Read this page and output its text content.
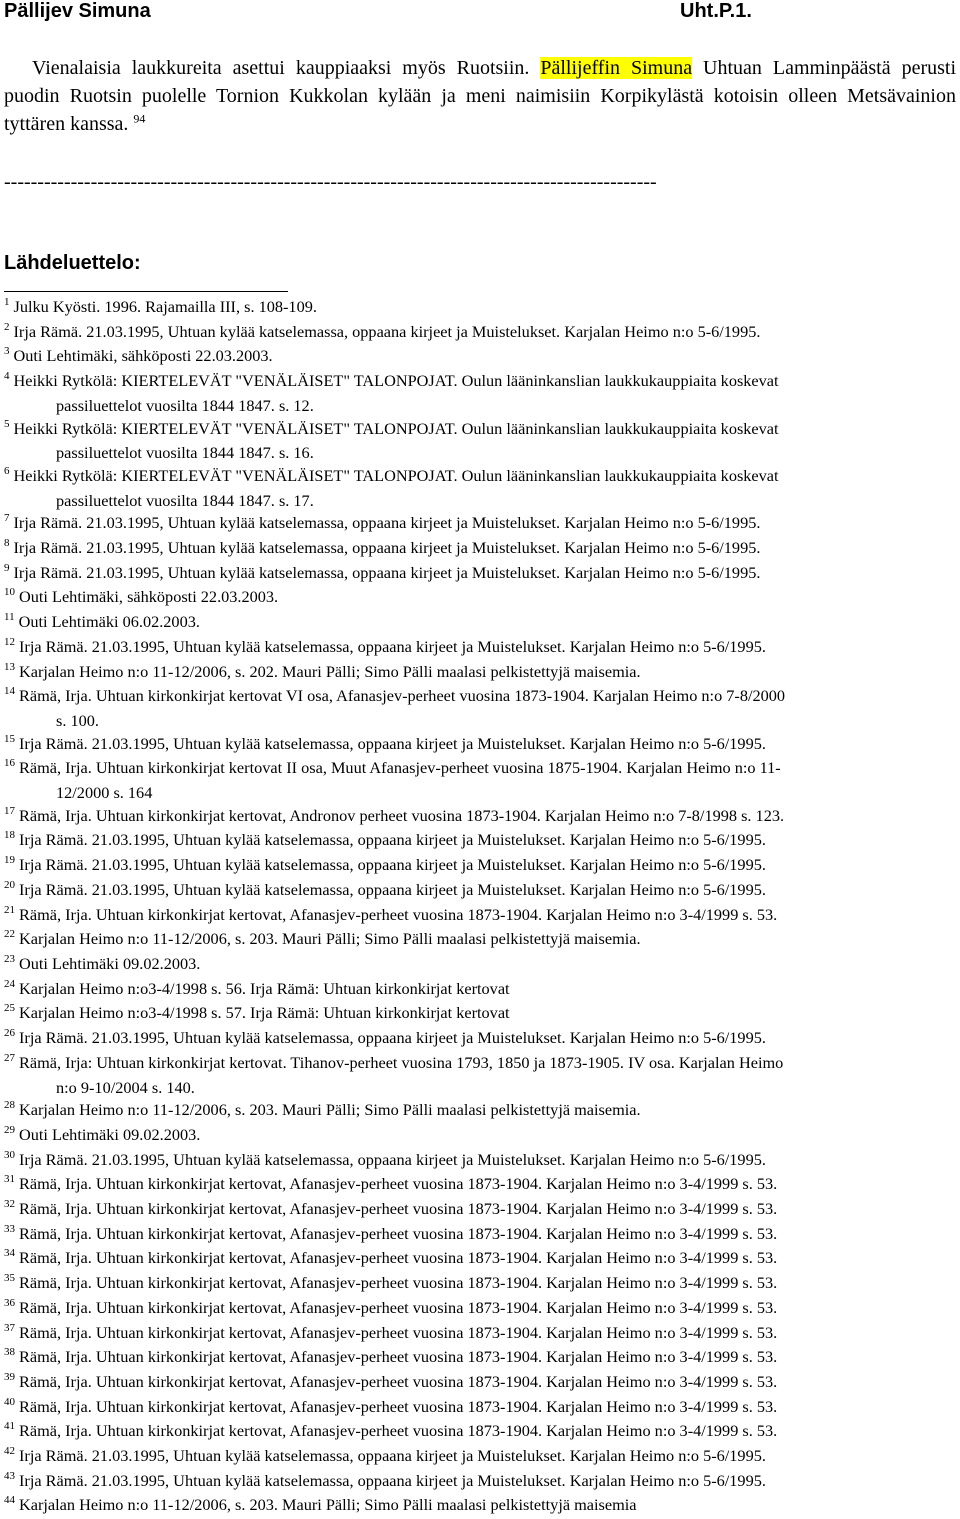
Pällijev Simuna	Uht.P.1.
Vienalaisia laukkureita asettui kauppiaaksi myös Ruotsiin. Pällijeffin Simuna Uhtuan Lamminpäästä perusti puodin Ruotsin puolelle Tornion Kukkolan kylään ja meni naimisiin Korpikylästä kotoisin olleen Metsävainion tyttären kanssa. $^{94}$
--------------------------------------------------------------------------------------------------
Lähdeluettelo:
$^1$ Julku Kyösti. 1996. Rajamailla III, s. 108-109.
$^2$ Irja Rämä. 21.03.1995, Uhtuan kylää katselemassa, oppaana kirjeet ja Muistelukset. Karjalan Heimo n:o 5-6/1995.
$^3$ Outi Lehtimäki, sähköposti 22.03.2003.
$^4$ Heikki Rytkölä: KIERTELEVÄT "VENÄLÄISET" TALONPOJAT. Oulun lääninkanslian laukkukauppiaita koskevat
passiluettelot vuosilta 1844 1847. s. 12.
$^5$ Heikki Rytkölä: KIERTELEVÄT "VENÄLÄISET" TALONPOJAT. Oulun lääninkanslian laukkukauppiaita koskevat
passiluettelot vuosilta 1844 1847. s. 16.
$^6$ Heikki Rytkölä: KIERTELEVÄT "VENÄLÄISET" TALONPOJAT. Oulun lääninkanslian laukkukauppiaita koskevat
passiluettelot vuosilta 1844 1847. s. 17.
$^7$ Irja Rämä. 21.03.1995, Uhtuan kylää katselemassa, oppaana kirjeet ja Muistelukset. Karjalan Heimo n:o 5-6/1995.
$^8$ Irja Rämä. 21.03.1995, Uhtuan kylää katselemassa, oppaana kirjeet ja Muistelukset. Karjalan Heimo n:o 5-6/1995.
$^9$ Irja Rämä. 21.03.1995, Uhtuan kylää katselemassa, oppaana kirjeet ja Muistelukset. Karjalan Heimo n:o 5-6/1995.
$^{10}$ Outi Lehtimäki, sähköposti 22.03.2003.
$^{11}$ Outi Lehtimäki 06.02.2003.
$^{12}$ Irja Rämä. 21.03.1995, Uhtuan kylää katselemassa, oppaana kirjeet ja Muistelukset. Karjalan Heimo n:o 5-6/1995.
$^{13}$ Karjalan Heimo n:o 11-12/2006, s. 202. Mauri Pälli; Simo Pälli maalasi pelkistettyjä maisemia.
$^{14}$ Rämä, Irja. Uhtuan kirkonkirjat kertovat VI osa, Afanasjev-perheet vuosina 1873-1904. Karjalan Heimo n:o 7-8/2000
s. 100.
$^{15}$ Irja Rämä. 21.03.1995, Uhtuan kylää katselemassa, oppaana kirjeet ja Muistelukset. Karjalan Heimo n:o 5-6/1995.
$^{16}$ Rämä, Irja. Uhtuan kirkonkirjat kertovat II osa, Muut Afanasjev-perheet vuosina 1875-1904. Karjalan Heimo n:o 11-
12/2000 s. 164
$^{17}$ Rämä, Irja. Uhtuan kirkonkirjat kertovat, Andronov perheet vuosina 1873-1904. Karjalan Heimo n:o 7-8/1998 s. 123.
$^{18}$ Irja Rämä. 21.03.1995, Uhtuan kylää katselemassa, oppaana kirjeet ja Muistelukset. Karjalan Heimo n:o 5-6/1995.
$^{19}$ Irja Rämä. 21.03.1995, Uhtuan kylää katselemassa, oppaana kirjeet ja Muistelukset. Karjalan Heimo n:o 5-6/1995.
$^{20}$ Irja Rämä. 21.03.1995, Uhtuan kylää katselemassa, oppaana kirjeet ja Muistelukset. Karjalan Heimo n:o 5-6/1995.
$^{21}$ Rämä, Irja. Uhtuan kirkonkirjat kertovat, Afanasjev-perheet vuosina 1873-1904. Karjalan Heimo n:o 3-4/1999 s. 53.
$^{22}$ Karjalan Heimo n:o 11-12/2006, s. 203. Mauri Pälli; Simo Pälli maalasi pelkistettyjä maisemia.
$^{23}$ Outi Lehtimäki 09.02.2003.
$^{24}$ Karjalan Heimo n:o3-4/1998 s. 56. Irja Rämä: Uhtuan kirkonkirjat kertovat
$^{25}$ Karjalan Heimo n:o3-4/1998 s. 57. Irja Rämä: Uhtuan kirkonkirjat kertovat
$^{26}$ Irja Rämä. 21.03.1995, Uhtuan kylää katselemassa, oppaana kirjeet ja Muistelukset. Karjalan Heimo n:o 5-6/1995.
$^{27}$ Rämä, Irja: Uhtuan kirkonkirjat kertovat. Tihanov-perheet vuosina 1793, 1850 ja 1873-1905. IV osa. Karjalan Heimo
n:o 9-10/2004 s. 140.
$^{28}$ Karjalan Heimo n:o 11-12/2006, s. 203. Mauri Pälli; Simo Pälli maalasi pelkistettyjä maisemia.
$^{29}$ Outi Lehtimäki 09.02.2003.
$^{30}$ Irja Rämä. 21.03.1995, Uhtuan kylää katselemassa, oppaana kirjeet ja Muistelukset. Karjalan Heimo n:o 5-6/1995.
$^{31}$ Rämä, Irja. Uhtuan kirkonkirjat kertovat, Afanasjev-perheet vuosina 1873-1904. Karjalan Heimo n:o 3-4/1999 s. 53.
$^{32}$ Rämä, Irja. Uhtuan kirkonkirjat kertovat, Afanasjev-perheet vuosina 1873-1904. Karjalan Heimo n:o 3-4/1999 s. 53.
$^{33}$ Rämä, Irja. Uhtuan kirkonkirjat kertovat, Afanasjev-perheet vuosina 1873-1904. Karjalan Heimo n:o 3-4/1999 s. 53.
$^{34}$ Rämä, Irja. Uhtuan kirkonkirjat kertovat, Afanasjev-perheet vuosina 1873-1904. Karjalan Heimo n:o 3-4/1999 s. 53.
$^{35}$ Rämä, Irja. Uhtuan kirkonkirjat kertovat, Afanasjev-perheet vuosina 1873-1904. Karjalan Heimo n:o 3-4/1999 s. 53.
$^{36}$ Rämä, Irja. Uhtuan kirkonkirjat kertovat, Afanasjev-perheet vuosina 1873-1904. Karjalan Heimo n:o 3-4/1999 s. 53.
$^{37}$ Rämä, Irja. Uhtuan kirkonkirjat kertovat, Afanasjev-perheet vuosina 1873-1904. Karjalan Heimo n:o 3-4/1999 s. 53.
$^{38}$ Rämä, Irja. Uhtuan kirkonkirjat kertovat, Afanasjev-perheet vuosina 1873-1904. Karjalan Heimo n:o 3-4/1999 s. 53.
$^{39}$ Rämä, Irja. Uhtuan kirkonkirjat kertovat, Afanasjev-perheet vuosina 1873-1904. Karjalan Heimo n:o 3-4/1999 s. 53.
$^{40}$ Rämä, Irja. Uhtuan kirkonkirjat kertovat, Afanasjev-perheet vuosina 1873-1904. Karjalan Heimo n:o 3-4/1999 s. 53.
$^{41}$ Rämä, Irja. Uhtuan kirkonkirjat kertovat, Afanasjev-perheet vuosina 1873-1904. Karjalan Heimo n:o 3-4/1999 s. 53.
$^{42}$ Irja Rämä. 21.03.1995, Uhtuan kylää katselemassa, oppaana kirjeet ja Muistelukset. Karjalan Heimo n:o 5-6/1995.
$^{43}$ Irja Rämä. 21.03.1995, Uhtuan kylää katselemassa, oppaana kirjeet ja Muistelukset. Karjalan Heimo n:o 5-6/1995.
$^{44}$ Karjalan Heimo n:o 11-12/2006, s. 203. Mauri Pälli; Simo Pälli maalasi pelkistettyjä maisemia
